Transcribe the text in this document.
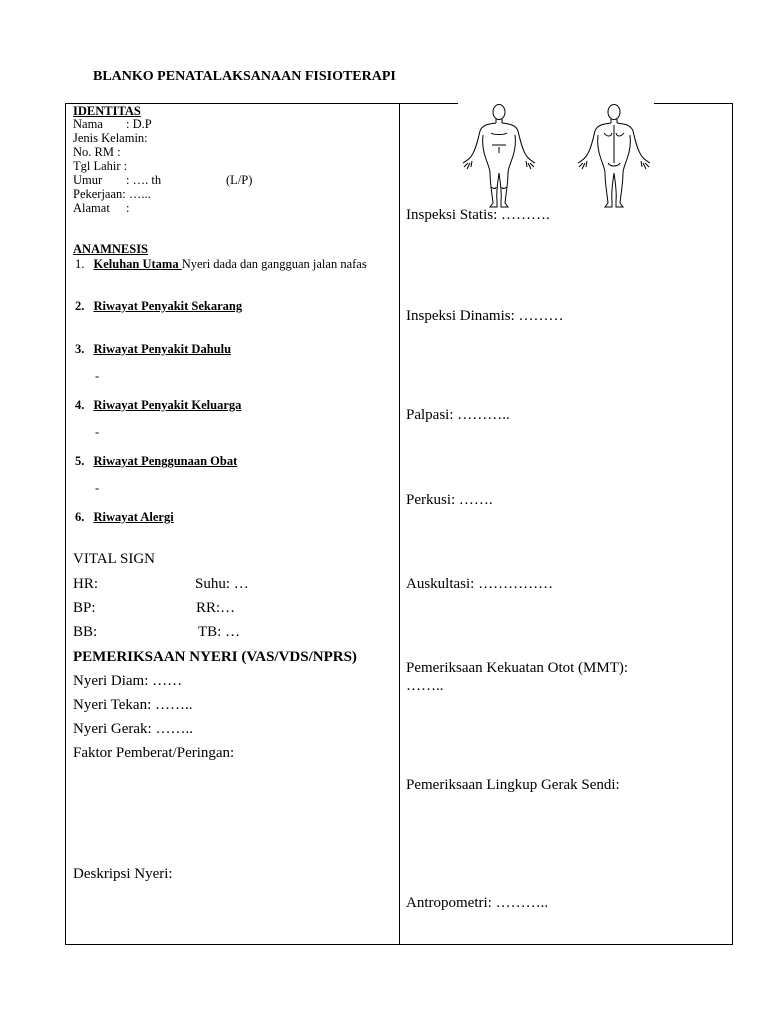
BLANKO PENATALAKSANAAN FISIOTERAPI
IDENTITAS
Nama : D.P
Jenis Kelamin:
No. RM :
Tgl Lahir :
Umur : …. th	(L/P)
Pekerjaan: …...
Alamat :
ANAMNESIS
1. Keluhan Utama Nyeri dada dan gangguan jalan nafas
2. Riwayat Penyakit Sekarang
3. Riwayat Penyakit Dahulu
-
4. Riwayat Penyakit Keluarga
-
5. Riwayat Penggunaan Obat
-
6. Riwayat Alergi
VITAL SIGN
HR:	Suhu: …
BP:	RR:…
BB:	TB: …
PEMERIKSAAN NYERI (VAS/VDS/NPRS)
Nyeri Diam: ……
Nyeri Tekan: ……..
Nyeri Gerak: ……..
Faktor Pemberat/Peringan:
Deskripsi Nyeri:
Inspeksi Statis: ……….
Inspeksi Dinamis: ………
Palpasi: ………..
Perkusi: …….
Auskultasi: ……………
Pemeriksaan Kekuatan Otot (MMT):
……..
Pemeriksaan Lingkup Gerak Sendi:
Antropometri: ………..
